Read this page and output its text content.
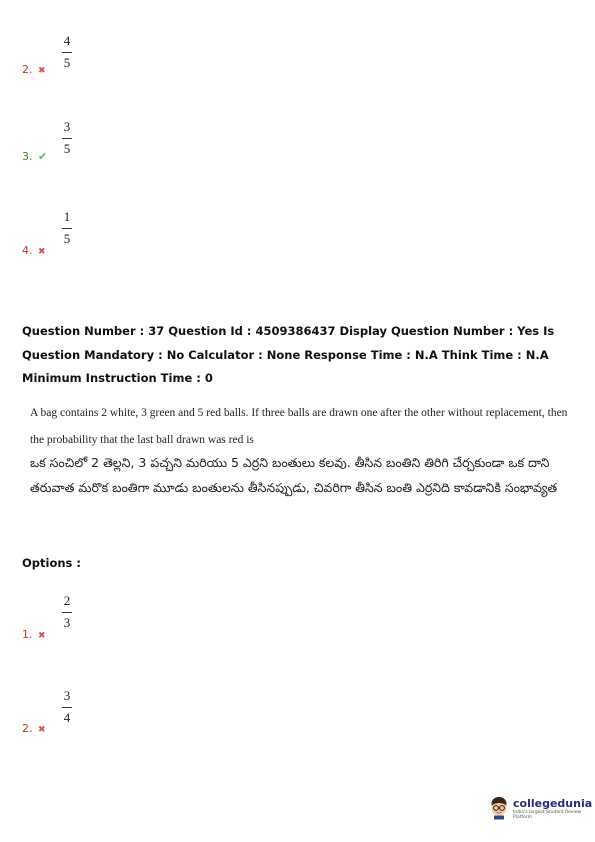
4
5
2. ✖
3
5
3. ✔
1
5
4. ✖
Question Number : 37 Question Id : 4509386437 Display Question Number : Yes Is Question Mandatory : No Calculator : None Response Time : N.A Think Time : N.A Minimum Instruction Time : 0
A bag contains 2 white, 3 green and 5 red balls. If three balls are drawn one after the other without replacement, then the probability that the last ball drawn was red is
ఒక సంచిలో 2 తెల్లని, 3 పచ్చని మరియు 5 ఎర్రని బంతులు కలవు. తీసిన బంతిని తిరిగి చేర్చకుండా ఒక దాని తరువాత మరొక బంతిగా మూడు బంతులను తీసినప్పుడు, చివరిగా తీసిన బంతి ఎర్రనిది కావడానికి సంభావ్యత
Options :
2
3
1. ✖
3
4
2. ✖
collegedunia
India's largest Student Review Platform
